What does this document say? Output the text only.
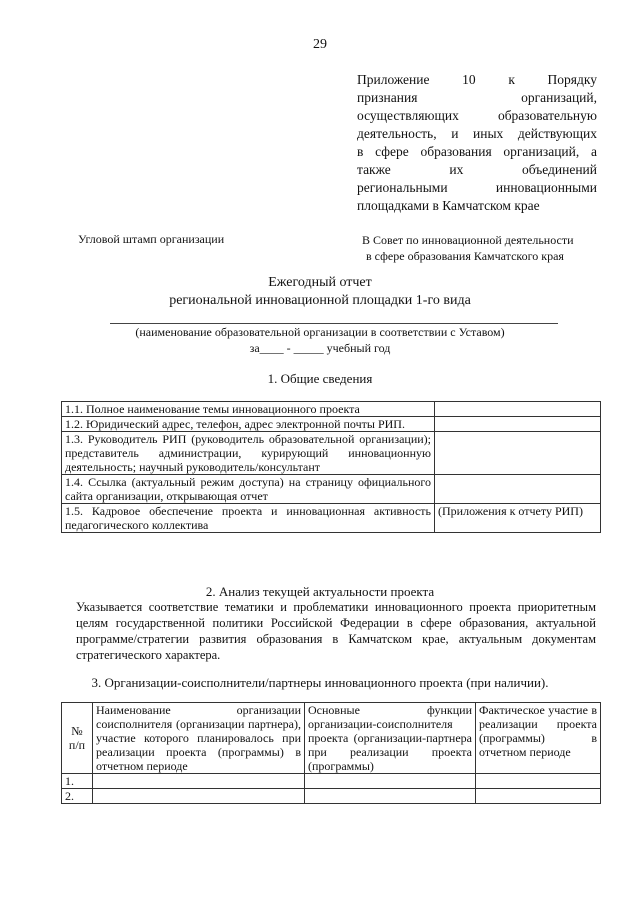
29
Приложение 10 к Порядку
признания	организаций,
осуществляющих	образовательную
деятельность, и иных действующих
в сфере образования организаций, а
также	их	объединений
региональными	инновационными
площадками в Камчатском крае
Угловой штамп организации	В Совет по инновационной деятельности
в сфере образования Камчатского края
Ежегодный отчет
региональной инновационной площадки 1-го вида
(наименование образовательной организации в соответствии с Уставом)
за____ - _____ учебный год
1. Общие сведения
1.1. Полное наименование темы инновационного проекта	
1.2. Юридический адрес, телефон, адрес электронной почты РИП.	
1.3. Руководитель РИП (руководитель образовательной организации); представитель администрации, курирующий инновационную деятельность; научный руководитель/консультант	
1.4. Ссылка (актуальный режим доступа) на страницу официального сайта организации, открывающая отчет	
1.5. Кадровое обеспечение проекта и инновационная активность педагогического коллектива	(Приложения к отчету РИП)
2. Анализ текущей актуальности проекта
Указывается соответствие тематики и проблематики инновационного проекта приоритетным целям государственной политики Российской Федерации в сфере образования, актуальной программе/стратегии развития образования в Камчатском крае, актуальным документам стратегического характера.
3. Организации-соисполнители/партнеры инновационного проекта (при наличии).
№ п/п	Наименование организации соисполнителя (организации партнера), участие которого планировалось при реализации проекта (программы) в отчетном периоде	Основные функции организации-соисполнителя проекта (организации-партнера при реализации проекта (программы)	Фактическое участие в реализации проекта (программы) в отчетном периоде
1.			
2.			
